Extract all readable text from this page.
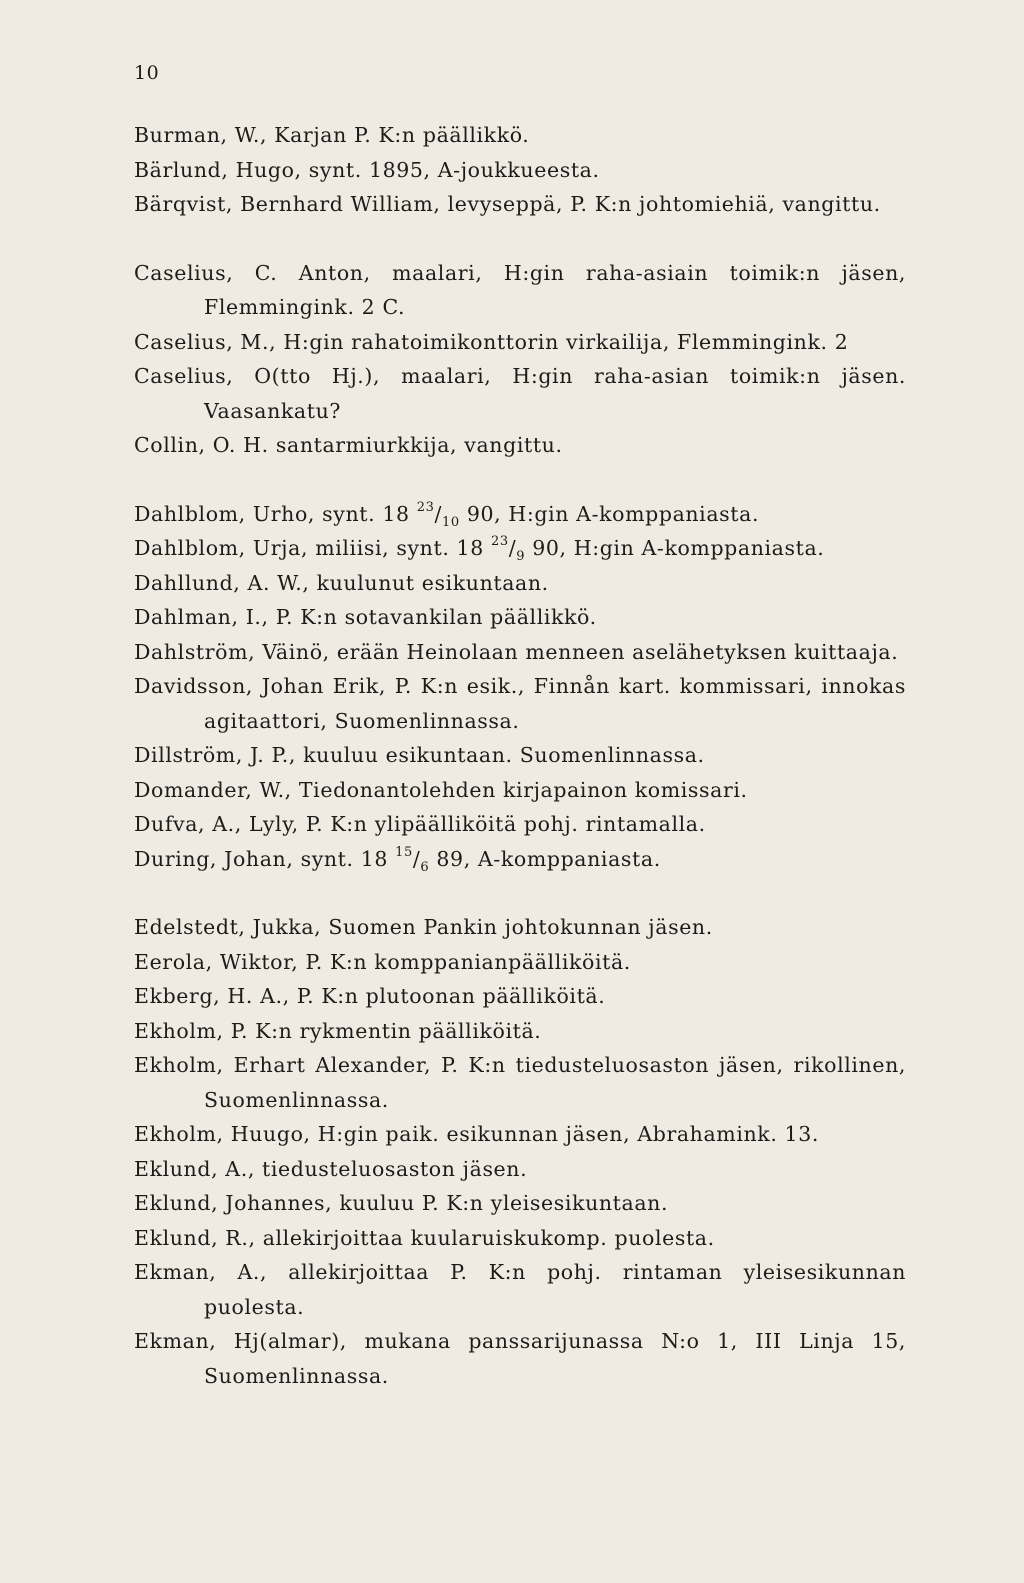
10
Burman, W., Karjan P. K:n päällikkö.
Bärlund, Hugo, synt. 1895, A-joukkueesta.
Bärqvist, Bernhard William, levyseppä, P. K:n johtomiehiä, vangittu.
Caselius, C. Anton, maalari, H:gin raha-asiain toimik:n jäsen, Flemmingink. 2 C.
Caselius, M., H:gin rahatoimikonttorin virkailija, Flemmingink. 2
Caselius, O(tto Hj.), maalari, H:gin raha-asian toimik:n jäsen. Vaasankatu?
Collin, O. H. santarmiurkkija, vangittu.
Dahlblom, Urho, synt. 18 $^{23}/_{10}$ 90, H:gin A-komppaniasta.
Dahlblom, Urja, miliisi, synt. 18 $^{23}/_9$ 90, H:gin A-komppaniasta.
Dahllund, A. W., kuulunut esikuntaan.
Dahlman, I., P. K:n sotavankilan päällikkö.
Dahlström, Väinö, erään Heinolaan menneen aselähetyksen kuittaaja.
Davidsson, Johan Erik, P. K:n esik., Finnån kart. kommissari, innokas agitaattori, Suomenlinnassa.
Dillström, J. P., kuuluu esikuntaan. Suomenlinnassa.
Domander, W., Tiedonantolehden kirjapainon komissari.
Dufva, A., Lyly, P. K:n ylipäälliköitä pohj. rintamalla.
During, Johan, synt. 18 $^{15}/_6$ 89, A-komppaniasta.
Edelstedt, Jukka, Suomen Pankin johtokunnan jäsen.
Eerola, Wiktor, P. K:n komppanianpäälliköitä.
Ekberg, H. A., P. K:n plutoonan päälliköitä.
Ekholm, P. K:n rykmentin päälliköitä.
Ekholm, Erhart Alexander, P. K:n tiedusteluosaston jäsen, rikollinen, Suomenlinnassa.
Ekholm, Huugo, H:gin paik. esikunnan jäsen, Abrahamink. 13.
Eklund, A., tiedusteluosaston jäsen.
Eklund, Johannes, kuuluu P. K:n yleisesikuntaan.
Eklund, R., allekirjoittaa kuularuiskukomp. puolesta.
Ekman, A., allekirjoittaa P. K:n pohj. rintaman yleisesikunnan puolesta.
Ekman, Hj(almar), mukana panssarijunassa N:o 1, III Linja 15, Suomenlinnassa.
